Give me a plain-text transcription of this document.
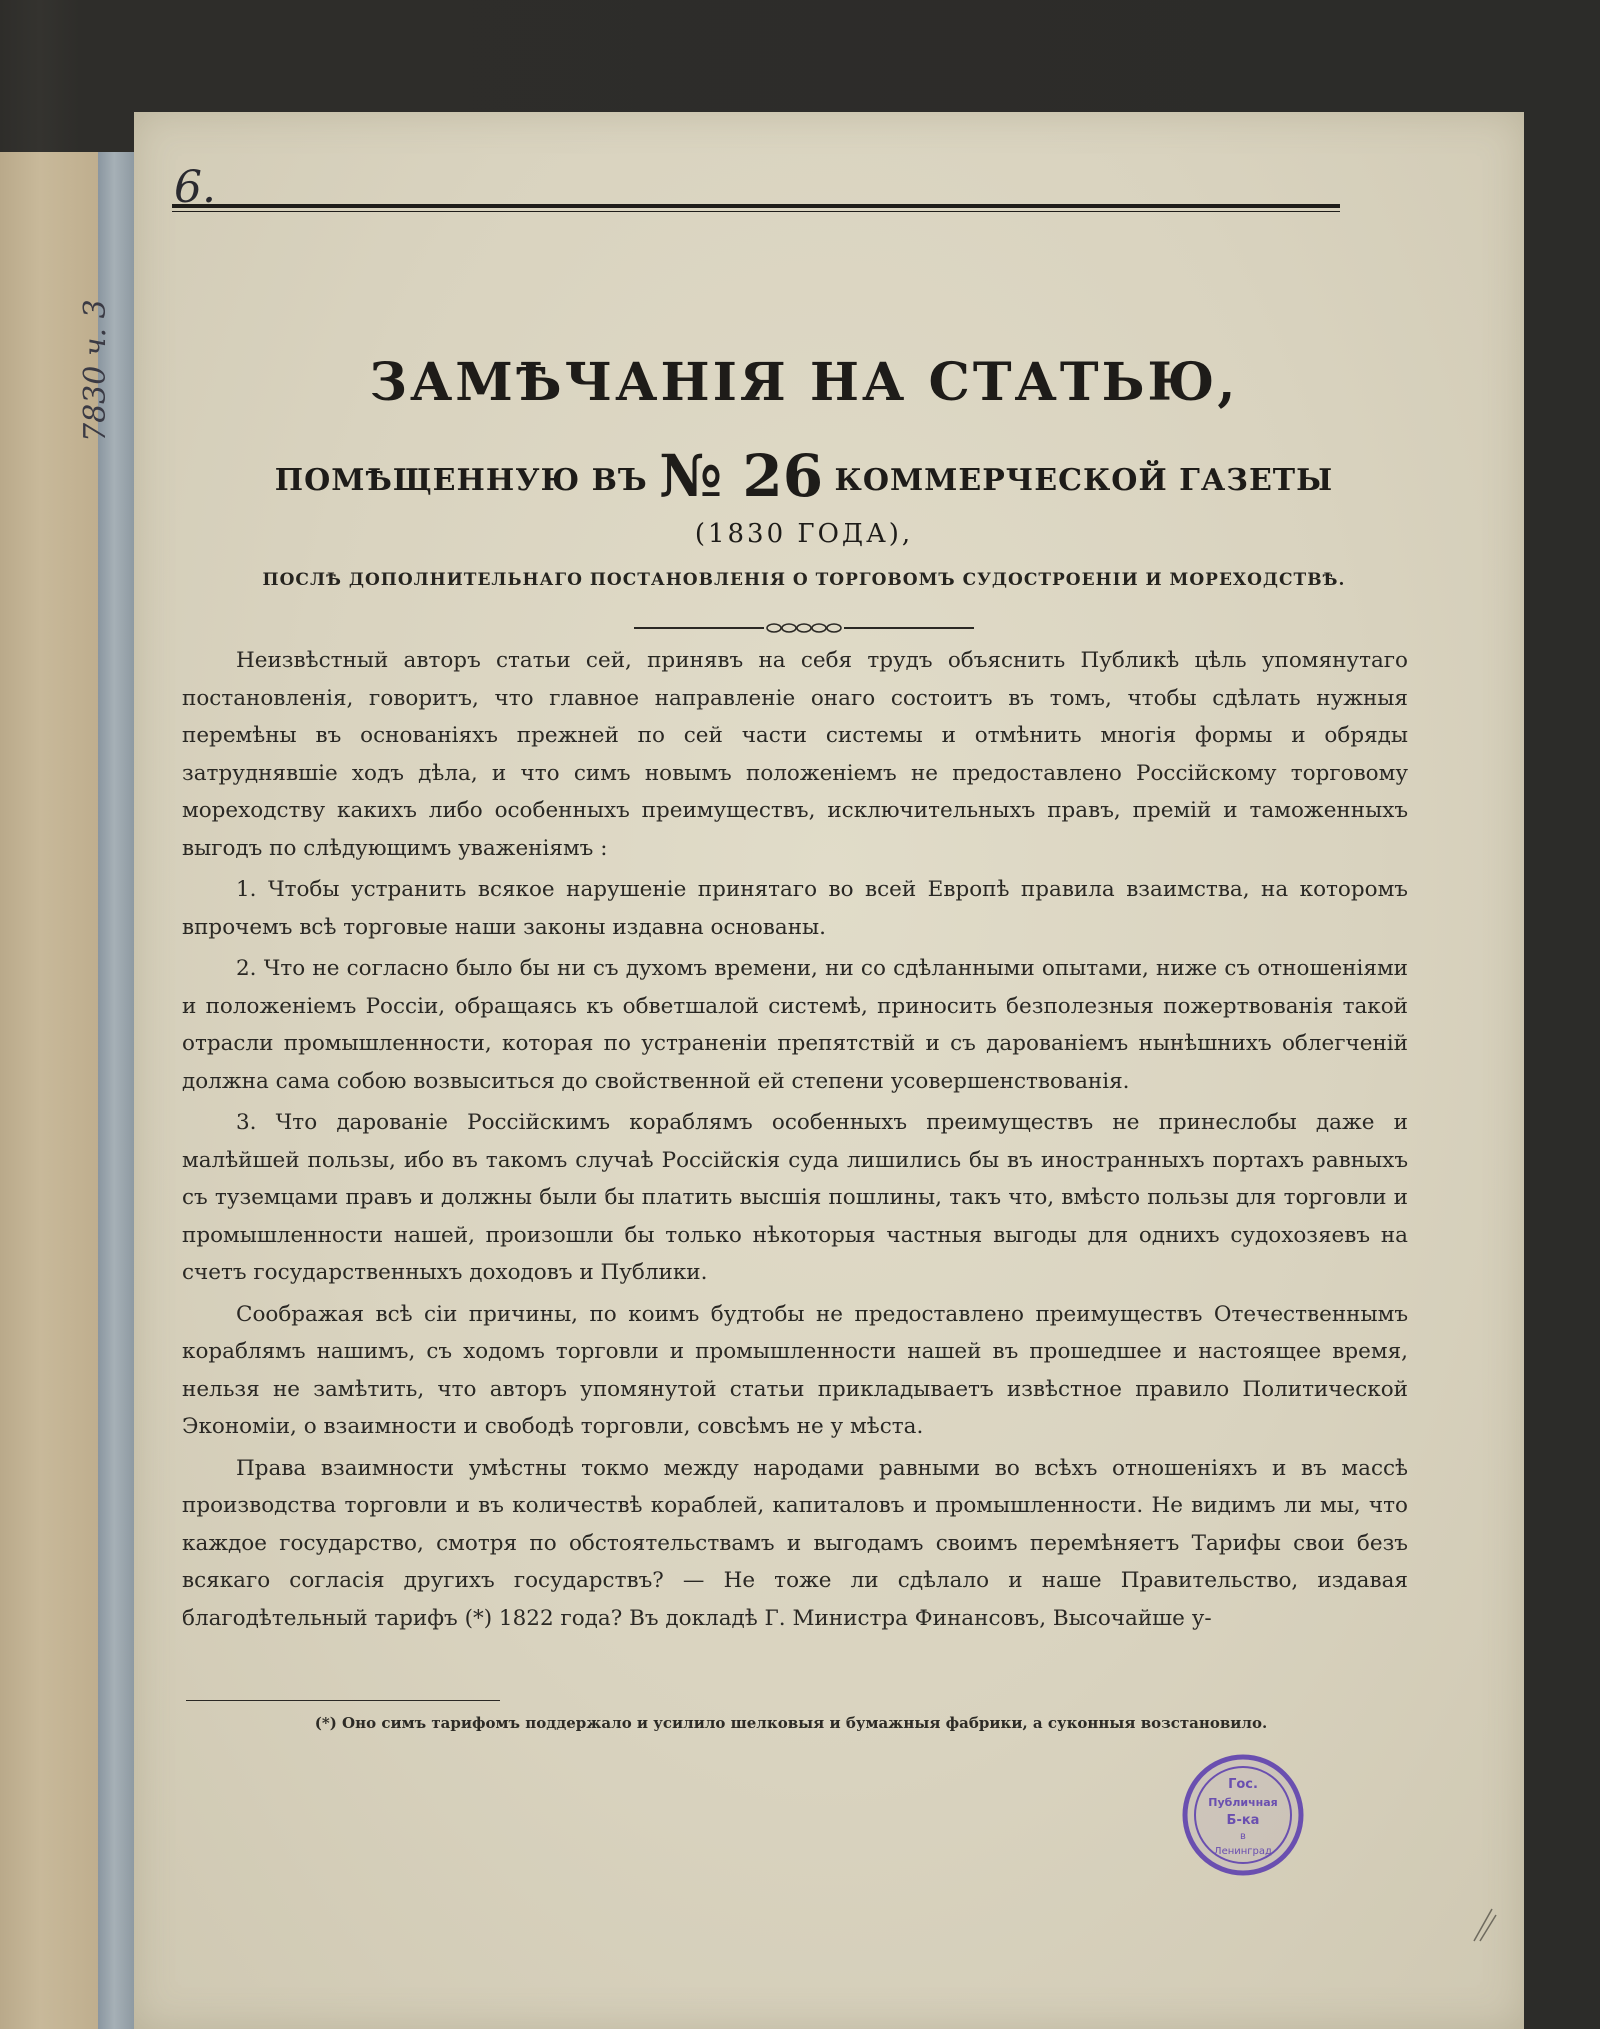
6.
7830 ч. 3	ЗАМѢЧАНІЯ НА СТАТЬЮ,
ПОМѢЩЕННУЮ ВЪ № 26 КОММЕРЧЕСКОЙ ГАЗЕТЫ
(1830 ГОДА),
ПОСЛѢ ДОПОЛНИТЕЛЬНАГО ПОСТАНОВЛЕНІЯ О ТОРГОВОМЪ СУДОСТРОЕНІИ И МОРЕХОДСТВѢ.

Неизвѣстный авторъ статьи сей, принявъ на себя трудъ объяснить Публикѣ цѣль упомянутаго постановленія, говоритъ, что главное направленіе онаго состоитъ въ томъ, чтобы сдѣлать нужныя перемѣны въ основаніяхъ прежней по сей части системы и отмѣнить многія формы и обряды затруднявшіе ходъ дѣла, и что симъ новымъ положеніемъ не предоставлено Россійскому торговому мореходству какихъ либо особенныхъ преимуществъ, исключительныхъ правъ, премій и таможенныхъ выгодъ по слѣдующимъ уваженіямъ :

1. Чтобы устранить всякое нарушеніе принятаго во всей Европѣ правила взаимства, на которомъ впрочемъ всѣ торговые наши законы издавна основаны.

2. Что не согласно было бы ни съ духомъ времени, ни со сдѣланными опытами, ниже съ отношеніями и положеніемъ Россіи, обращаясь къ обветшалой системѣ, приносить безполезныя пожертвованія такой отрасли промышленности, которая по устраненіи препятствій и съ дарованіемъ нынѣшнихъ облегченій должна сама собою возвыситься до свойственной ей степени усовершенствованія.

3. Что дарованіе Россійскимъ кораблямъ особенныхъ преимуществъ не принеслобы даже и малѣйшей пользы, ибо въ такомъ случаѣ Россійскія суда лишились бы въ иностранныхъ портахъ равныхъ съ туземцами правъ и должны были бы платить высшія пошлины, такъ что, вмѣсто пользы для торговли и промышленности нашей, произошли бы только нѣкоторыя частныя выгоды для однихъ судохозяевъ на счетъ государственныхъ доходовъ и Публики.

Соображая всѣ сіи причины, по коимъ будтобы не предоставлено преимуществъ Отечественнымъ кораблямъ нашимъ, съ ходомъ торговли и промышленности нашей въ прошедшее и настоящее время, нельзя не замѣтить, что авторъ упомянутой статьи прикладываетъ извѣстное правило Политической Экономіи, о взаимности и свободѣ торговли, совсѣмъ не у мѣста.

Права взаимности умѣстны токмо между народами равными во всѣхъ отношеніяхъ и въ массѣ производства торговли и въ количествѣ кораблей, капиталовъ и промышленности. Не видимъ ли мы, что каждое государство, смотря по обстоятельствамъ и выгодамъ своимъ перемѣняетъ Тарифы свои безъ всякаго согласія другихъ государствъ? — Не тоже ли сдѣлало и наше Правительство, издавая благодѣтельный тарифъ (*) 1822 года? Въ докладѣ Г. Министра Финансовъ, Высочайше у-

(*) Оно симъ тарифомъ поддержало и усилило шелковыя и бумажныя фабрики, а суконныя возстановило.
Гос.
Публичная
Б-ка
в
Ленинград
